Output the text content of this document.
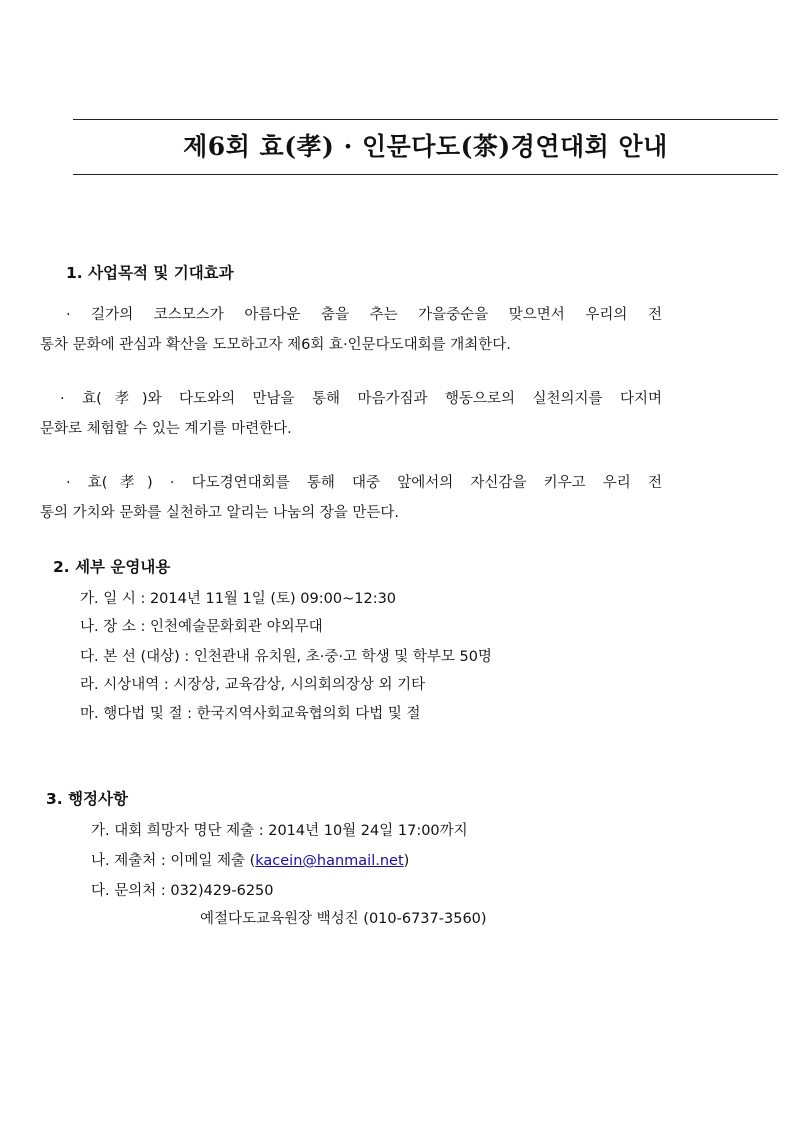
제6회 효(孝) · 인문다도(茶)경연대회 안내
1. 사업목적 및 기대효과
· 길가의 코스모스가 아름다운 춤을 추는 가을중순을 맞으면서 우리의 전
통차 문화에 관심과 확산을 도모하고자 제6회 효·인문다도대회를 개최한다.
· 효(孝)와 다도와의 만남을 통해 마음가짐과 행동으로의 실천의지를 다지며
문화로 체험할 수 있는 계기를 마련한다.
· 효(孝) · 다도경연대회를 통해 대중 앞에서의 자신감을 키우고 우리 전
통의 가치와 문화를 실천하고 알리는 나눔의 장을 만든다.
2. 세부 운영내용
가. 일 시 : 2014년 11월 1일 (토) 09:00~12:30
나. 장 소 : 인천예술문화회관 야외무대
다. 본 선 (대상) : 인천관내 유치원, 초·중·고 학생 및 학부모 50명
라. 시상내역 : 시장상, 교육감상, 시의회의장상 외 기타
마. 행다법 및 절 : 한국지역사회교육협의회 다법 및 절
3. 행정사항
가. 대회 희망자 명단 제출 : 2014년 10월 24일 17:00까지
나. 제출처 : 이메일 제출 (kacein@hanmail.net)
다. 문의처 : 032)429-6250
예절다도교육원장 백성진 (010-6737-3560)
